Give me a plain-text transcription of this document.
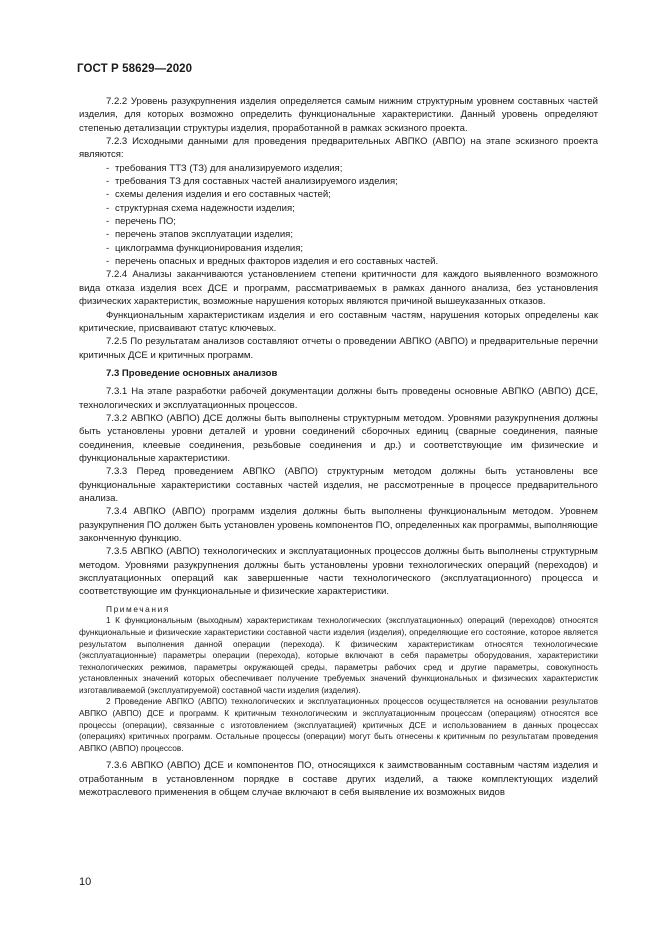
ГОСТ Р 58629—2020

7.2.2 Уровень разукрупнения изделия определяется самым нижним структурным уровнем составных частей изделия, для которых возможно определить функциональные характеристики. Данный уровень определяют степенью детализации структуры изделия, проработанной в рамках эскизного проекта.

7.2.3 Исходными данными для проведения предварительных АВПКО (АВПО) на этапе эскизного проекта являются:

- требования ТТЗ (ТЗ) для анализируемого изделия;
- требования ТЗ для составных частей анализируемого изделия;
- схемы деления изделия и его составных частей;
- структурная схема надежности изделия;
- перечень ПО;
- перечень этапов эксплуатации изделия;
- циклограмма функционирования изделия;
- перечень опасных и вредных факторов изделия и его составных частей.

7.2.4 Анализы заканчиваются установлением степени критичности для каждого выявленного возможного вида отказа изделия всех ДСЕ и программ, рассматриваемых в рамках данного анализа, без установления физических характеристик, возможные нарушения которых являются причиной вышеуказанных отказов.

Функциональным характеристикам изделия и его составным частям, нарушения которых определены как критические, присваивают статус ключевых.

7.2.5 По результатам анализов составляют отчеты о проведении АВПКО (АВПО) и предварительные перечни критичных ДСЕ и критичных программ.

7.3 Проведение основных анализов

7.3.1 На этапе разработки рабочей документации должны быть проведены основные АВПКО (АВПО) ДСЕ, технологических и эксплуатационных процессов.

7.3.2 АВПКО (АВПО) ДСЕ должны быть выполнены структурным методом. Уровнями разукрупнения должны быть установлены уровни деталей и уровни соединений сборочных единиц (сварные соединения, паяные соединения, клеевые соединения, резьбовые соединения и др.) и соответствующие им физические и функциональные характеристики.

7.3.3 Перед проведением АВПКО (АВПО) структурным методом должны быть установлены все функциональные характеристики составных частей изделия, не рассмотренные в процессе предварительного анализа.

7.3.4 АВПКО (АВПО) программ изделия должны быть выполнены функциональным методом. Уровнем разукрупнения ПО должен быть установлен уровень компонентов ПО, определенных как программы, выполняющие законченную функцию.

7.3.5 АВПКО (АВПО) технологических и эксплуатационных процессов должны быть выполнены структурным методом. Уровнями разукрупнения должны быть установлены уровни технологических операций (переходов) и эксплуатационных операций как завершенные части технологического (эксплуатационного) процесса и соответствующие им функциональные и физические характеристики.

Примечания

1 К функциональным (выходным) характеристикам технологических (эксплуатационных) операций (переходов) относятся функциональные и физические характеристики составной части изделия (изделия), определяющие его состояние, которое является результатом выполнения данной операции (перехода). К физическим характеристикам относятся технологические (эксплуатационные) параметры операции (перехода), которые включают в себя параметры оборудования, характеристики технологических режимов, параметры окружающей среды, параметры рабочих сред и другие параметры, совокупность установленных значений которых обеспечивает получение требуемых значений функциональных и физических характеристик изготавливаемой (эксплуатируемой) составной части изделия (изделия).

2 Проведение АВПКО (АВПО) технологических и эксплуатационных процессов осуществляется на основании результатов АВПКО (АВПО) ДСЕ и программ. К критичным технологическим и эксплуатационным процессам (операциям) относятся все процессы (операции), связанные с изготовлением (эксплуатацией) критичных ДСЕ и использованием в данных процессах (операциях) критичных программ. Остальные процессы (операции) могут быть отнесены к критичным по результатам проведения АВПКО (АВПО) процессов.

7.3.6 АВПКО (АВПО) ДСЕ и компонентов ПО, относящихся к заимствованным составным частям изделия и отработанным в установленном порядке в составе других изделий, а также комплектующих изделий межотраслевого применения в общем случае включают в себя выявление их возможных видов

10
